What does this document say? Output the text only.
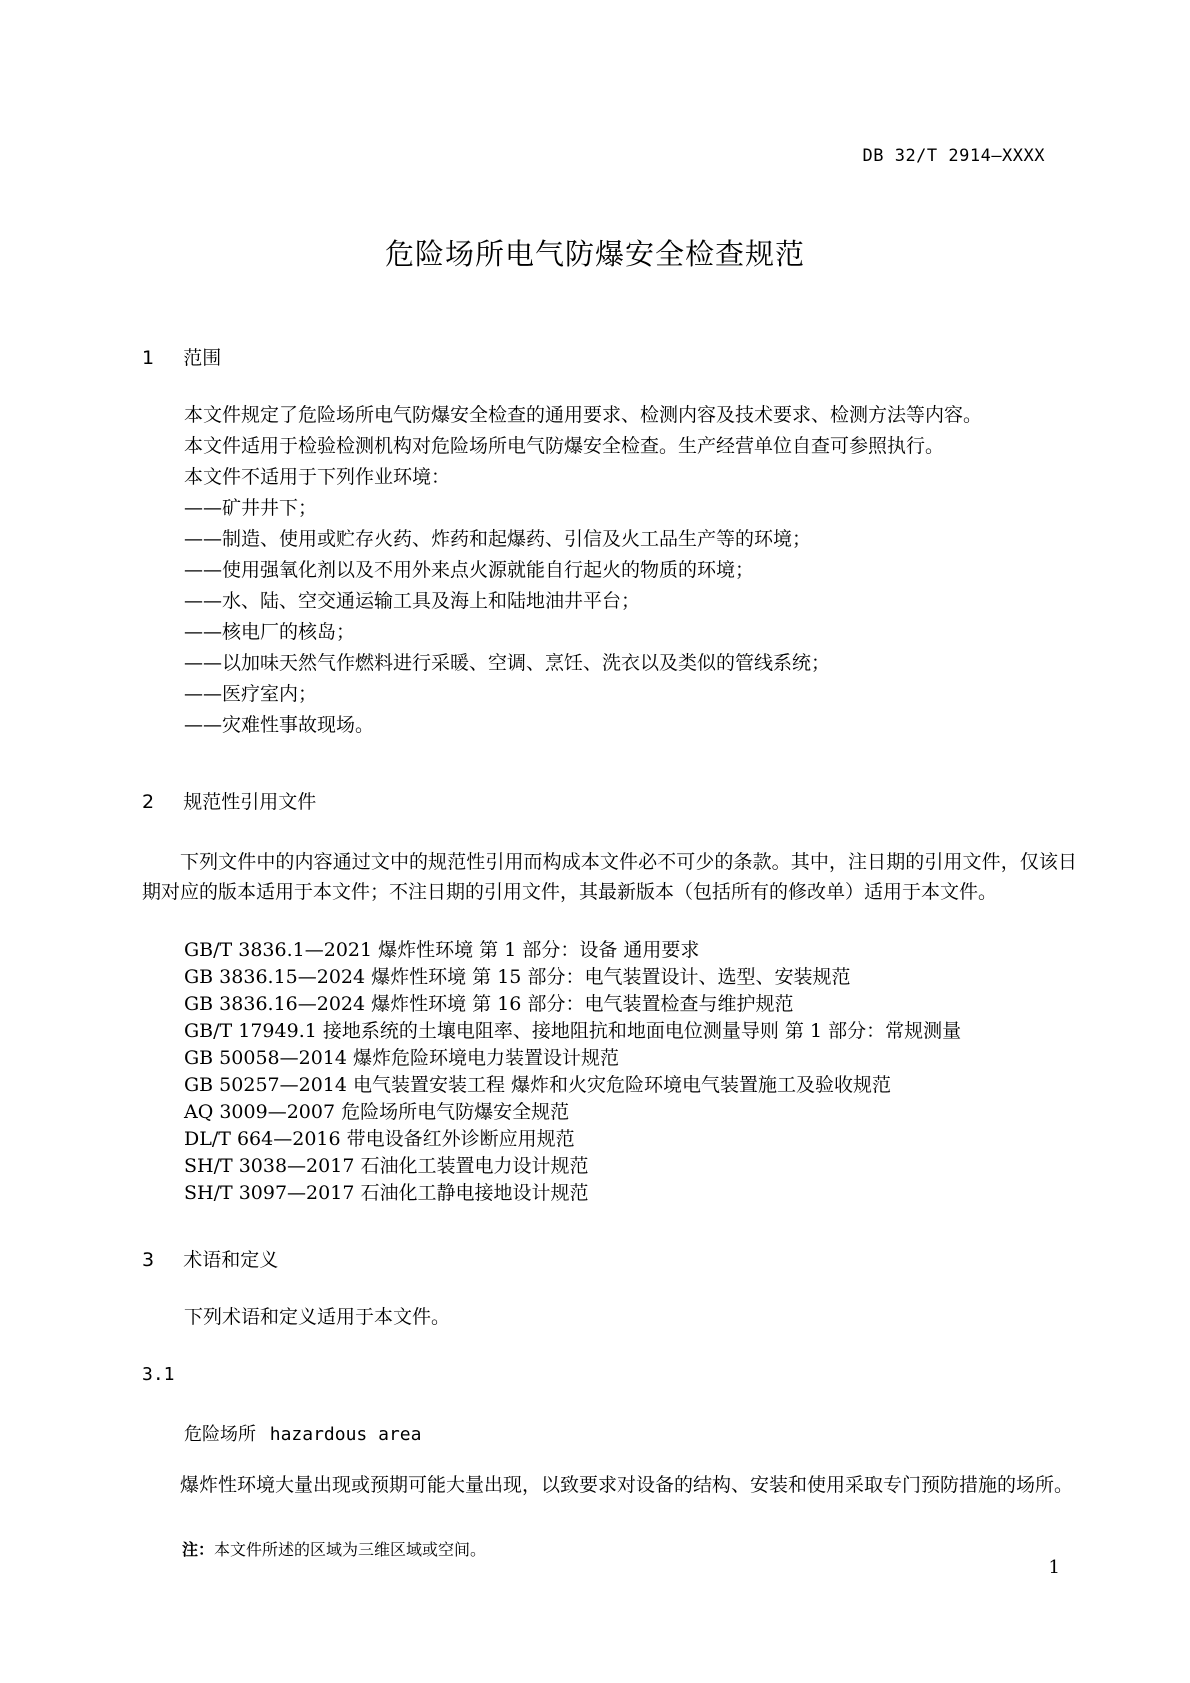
DB 32/T 2914—XXXX
危险场所电气防爆安全检查规范
1 范围
本文件规定了危险场所电气防爆安全检查的通用要求、检测内容及技术要求、检测方法等内容。
本文件适用于检验检测机构对危险场所电气防爆安全检查。生产经营单位自查可参照执行。
本文件不适用于下列作业环境：
——矿井井下；
——制造、使用或贮存火药、炸药和起爆药、引信及火工品生产等的环境；
——使用强氧化剂以及不用外来点火源就能自行起火的物质的环境；
——水、陆、空交通运输工具及海上和陆地油井平台；
——核电厂的核岛；
——以加味天然气作燃料进行采暖、空调、烹饪、洗衣以及类似的管线系统；
——医疗室内；
——灾难性事故现场。
2 规范性引用文件
下列文件中的内容通过文中的规范性引用而构成本文件必不可少的条款。其中，注日期的引用文件，仅该日期对应的版本适用于本文件；不注日期的引用文件，其最新版本（包括所有的修改单）适用于本文件。
GB/T 3836.1—2021 爆炸性环境 第 1 部分：设备 通用要求
GB 3836.15—2024 爆炸性环境 第 15 部分：电气装置设计、选型、安装规范
GB 3836.16—2024 爆炸性环境 第 16 部分：电气装置检查与维护规范
GB/T 17949.1 接地系统的土壤电阻率、接地阻抗和地面电位测量导则 第 1 部分：常规测量
GB 50058—2014 爆炸危险环境电力装置设计规范
GB 50257—2014 电气装置安装工程 爆炸和火灾危险环境电气装置施工及验收规范
AQ 3009—2007 危险场所电气防爆安全规范
DL/T 664—2016 带电设备红外诊断应用规范
SH/T 3038—2017 石油化工装置电力设计规范
SH/T 3097—2017 石油化工静电接地设计规范
3 术语和定义
下列术语和定义适用于本文件。
3.1
危险场所 hazardous area
爆炸性环境大量出现或预期可能大量出现，以致要求对设备的结构、安装和使用采取专门预防措施的场所。
注：本文件所述的区域为三维区域或空间。
1
